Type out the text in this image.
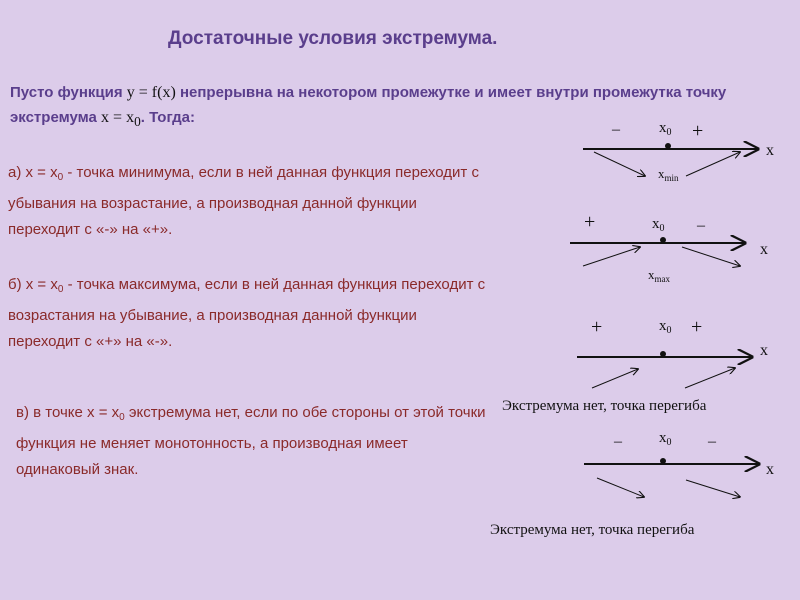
Достаточные условия экстремума.
Пусто функция y = f(x) непрерывна на некотором промежутке и имеет внутри промежутка точку экстремума $x = x_0$. Тогда:
а) $x = x_0$ - точка минимума, если в ней данная функция переходит с убывания на возрастание, а производная данной функции переходит с «-» на «+».
б) $x = x_0$ - точка максимума, если в ней данная функция переходит с возрастания на убывание, а производная данной функции переходит с «+» на «-».
в) в точке $x = x_0$ экстремума нет, если по обе стороны от этой точки функция не меняет монотонность, а производная имеет одинаковый знак.
–	+
$x_0$
x
$x_{min}$
+	–
$x_0$
x
$x_{max}$
+	+
$x_0$
x
–	–
$x_0$
x
Экстремума нет, точка перегиба
Экстремума нет, точка перегиба
